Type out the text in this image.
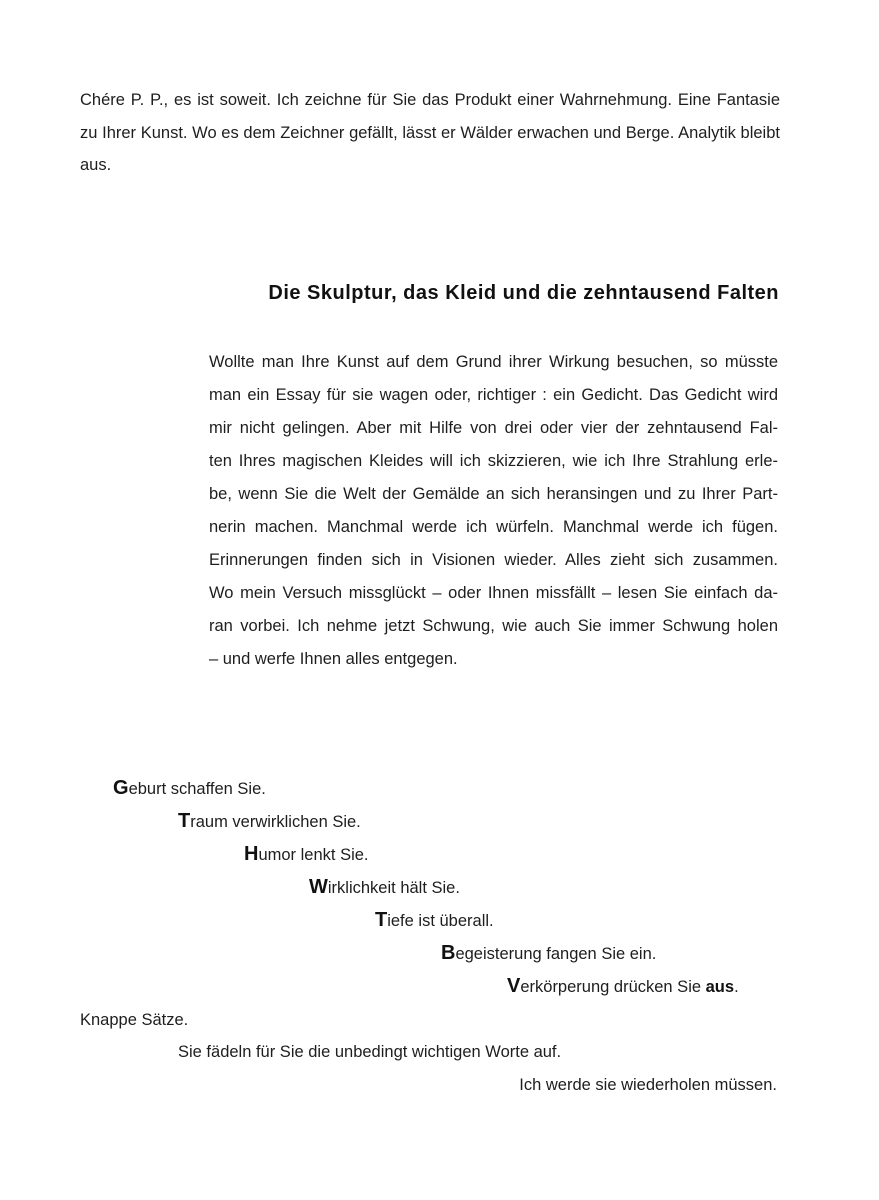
Chére P. P., es ist soweit. Ich zeichne für Sie das Produkt einer Wahrnehmung. Eine Fantasie zu Ihrer Kunst. Wo es dem Zeichner gefällt, lässt er Wälder erwachen und Berge. Analytik bleibt aus.

Die Skulptur, das Kleid und die zehntausend Falten
Wollte man Ihre Kunst auf dem Grund ihrer Wirkung besuchen, so müsste
man ein Essay für sie wagen oder, richtiger : ein Gedicht. Das Gedicht wird
mir nicht gelingen. Aber mit Hilfe von drei oder vier der zehntausend Fal-
ten Ihres magischen Kleides will ich skizzieren, wie ich Ihre Strahlung erle-
be, wenn Sie die Welt der Gemälde an sich heransingen und zu Ihrer Part-
nerin machen. Manchmal werde ich würfeln. Manchmal werde ich fügen.
Erinnerungen finden sich in Visionen wieder. Alles zieht sich zusammen.
Wo mein Versuch missglückt – oder Ihnen missfällt – lesen Sie einfach da-
ran vorbei. Ich nehme jetzt Schwung, wie auch Sie immer Schwung holen
– und werfe Ihnen alles entgegen.

Geburt schaffen Sie.

Traum verwirklichen Sie.

Humor lenkt Sie.

Wirklichkeit hält Sie.

Tiefe ist überall.

Begeisterung fangen Sie ein.

Verkörperung drücken Sie aus.

Knappe Sätze.

Sie fädeln für Sie die unbedingt wichtigen Worte auf.

Ich werde sie wiederholen müssen.
